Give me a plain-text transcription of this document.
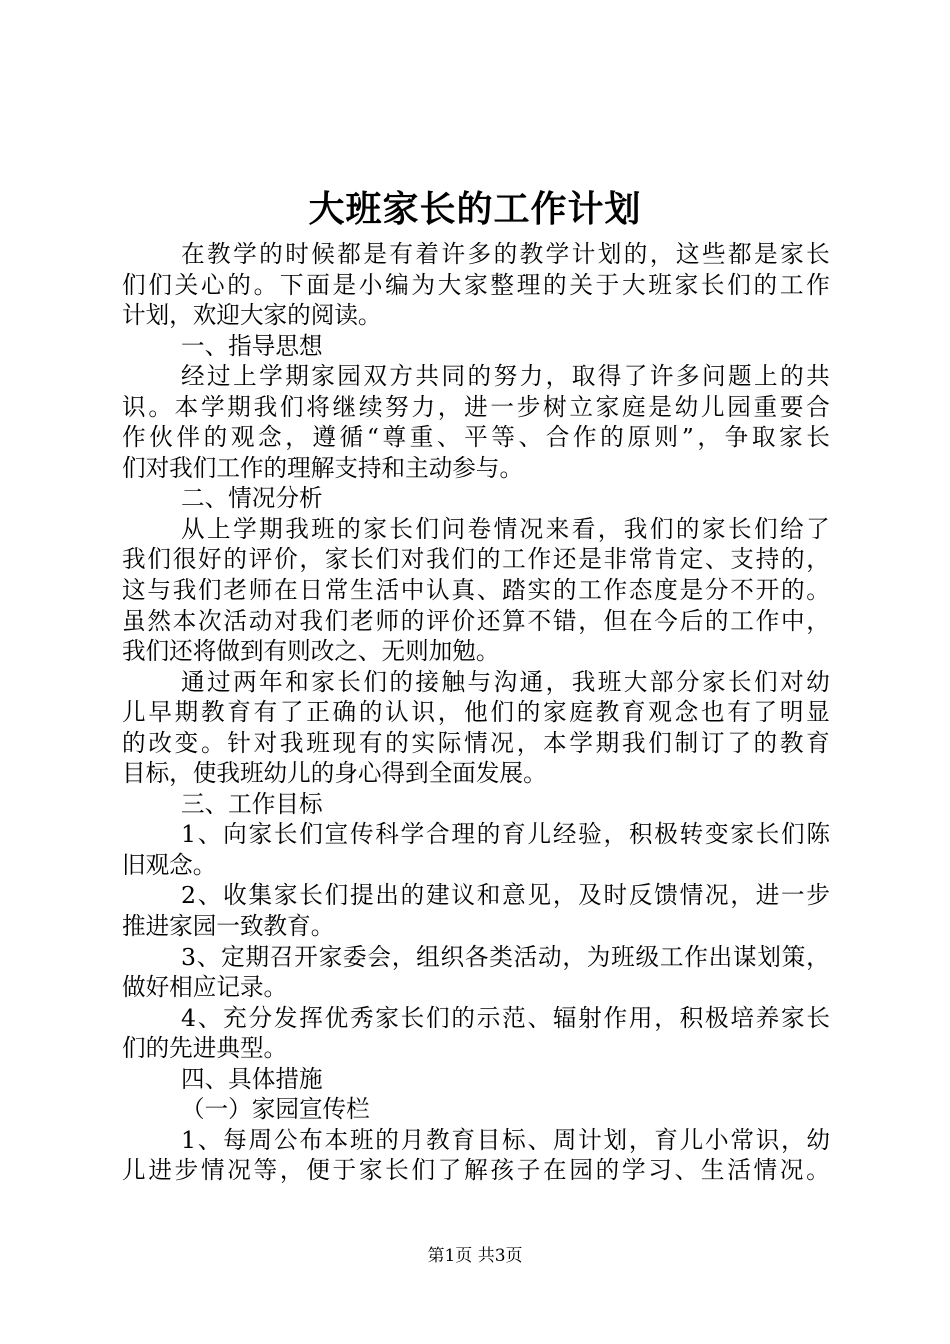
大班家长的工作计划
在 教 学 的 时 候 都 是 有 着 许 多 的 教 学 计 划 的 ， 这 些 都 是 家 长
们 们 关 心 的 。 下 面 是 小 编 为 大 家 整 理 的 关 于 大 班 家 长 们 的 工 作
计划，欢迎大家的阅读。
一、指导思想
经 过 上 学 期 家 园 双 方 共 同 的 努 力 ， 取 得 了 许 多 问 题 上 的 共
识 。 本 学 期 我 们 将 继 续 努 力 ， 进 一 步 树 立 家 庭 是 幼 儿 园 重 要 合
作 伙 伴 的 观 念 ， 遵 循 “ 尊 重 、 平 等 、 合 作 的 原 则 ” ， 争 取 家 长
们对我们工作的理解支持和主动参与。
二、情况分析
从 上 学 期 我 班 的 家 长 们 问 卷 情 况 来 看 ， 我 们 的 家 长 们 给 了
我 们 很 好 的 评 价 ， 家 长 们 对 我 们 的 工 作 还 是 非 常 肯 定 、 支 持 的 ，
这 与 我 们 老 师 在 日 常 生 活 中 认 真 、 踏 实 的 工 作 态 度 是 分 不 开 的 。
虽 然 本 次 活 动 对 我 们 老 师 的 评 价 还 算 不 错 ， 但 在 今 后 的 工 作 中 ，
我们还将做到有则改之、无则加勉。
通 过 两 年 和 家 长 们 的 接 触 与 沟 通 ， 我 班 大 部 分 家 长 们 对 幼
儿 早 期 教 育 有 了 正 确 的 认 识 ， 他 们 的 家 庭 教 育 观 念 也 有 了 明 显
的 改 变 。 针 对 我 班 现 有 的 实 际 情 况 ， 本 学 期 我 们 制 订 了 的 教 育
目标，使我班幼儿的身心得到全面发展。
三、工作目标
1 、 向 家 长 们 宣 传 科 学 合 理 的 育 儿 经 验 ， 积 极 转 变 家 长 们 陈
旧观念。
2 、 收 集 家 长 们 提 出 的 建 议 和 意 见 ， 及 时 反 馈 情 况 ， 进 一 步
推进家园一致教育。
3 、 定 期 召 开 家 委 会 ， 组 织 各 类 活 动 ， 为 班 级 工 作 出 谋 划 策 ，
做好相应记录。
4 、 充 分 发 挥 优 秀 家 长 们 的 示 范 、 辐 射 作 用 ， 积 极 培 养 家 长
们的先进典型。
四、具体措施
（一）家园宣传栏
1 、 每 周 公 布 本 班 的 月 教 育 目 标 、 周 计 划 ， 育 儿 小 常 识 ， 幼
儿 进 步 情 况 等 ， 便 于 家 长 们 了 解 孩 子 在 园 的 学 习 、 生 活 情 况 。
第1页 共3页
